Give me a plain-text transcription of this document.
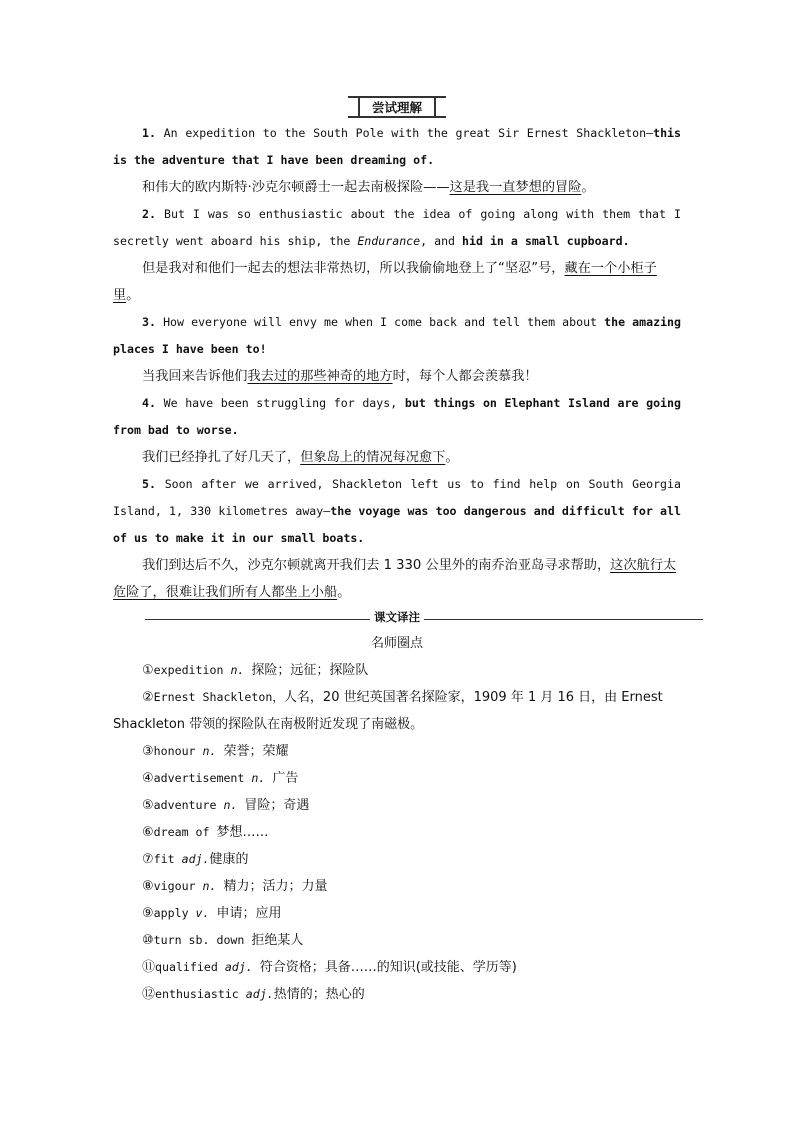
尝试理解
1. An expedition to the South Pole with the great Sir Ernest Shackleton—this is the adventure that I have been dreaming of.
和伟大的欧内斯特·沙克尔顿爵士一起去南极探险——这是我一直梦想的冒险。
2. But I was so enthusiastic about the idea of going along with them that I secretly went aboard his ship, the Endurance, and hid in a small cupboard.
但是我对和他们一起去的想法非常热切，所以我偷偷地登上了“坚忍”号，藏在一个小柜子里。
3. How everyone will envy me when I come back and tell them about the amazing places I have been to!
当我回来告诉他们我去过的那些神奇的地方时，每个人都会羡慕我！
4. We have been struggling for days, but things on Elephant Island are going from bad to worse.
我们已经挣扎了好几天了，但象岛上的情况每况愈下。
5. Soon after we arrived, Shackleton left us to find help on South Georgia Island, 1, 330 kilometres away—the voyage was too dangerous and difficult for all of us to make it in our small boats.
我们到达后不久，沙克尔顿就离开我们去 1 330 公里外的南乔治亚岛寻求帮助，这次航行太危险了，很难让我们所有人都坐上小船。
课文译注
名师圈点
①expedition n. 探险；远征；探险队
②Ernest Shackleton，人名，20 世纪英国著名探险家，1909 年 1 月 16 日，由 Ernest Shackleton 带领的探险队在南极附近发现了南磁极。
③honour n. 荣誉；荣耀
④advertisement n. 广告
⑤adventure n. 冒险；奇遇
⑥dream of 梦想……
⑦fit adj.健康的
⑧vigour n. 精力；活力；力量
⑨apply v. 申请；应用
⑩turn sb. down 拒绝某人
⑪qualified adj. 符合资格；具备……的知识(或技能、学历等)
⑫enthusiastic adj.热情的；热心的
